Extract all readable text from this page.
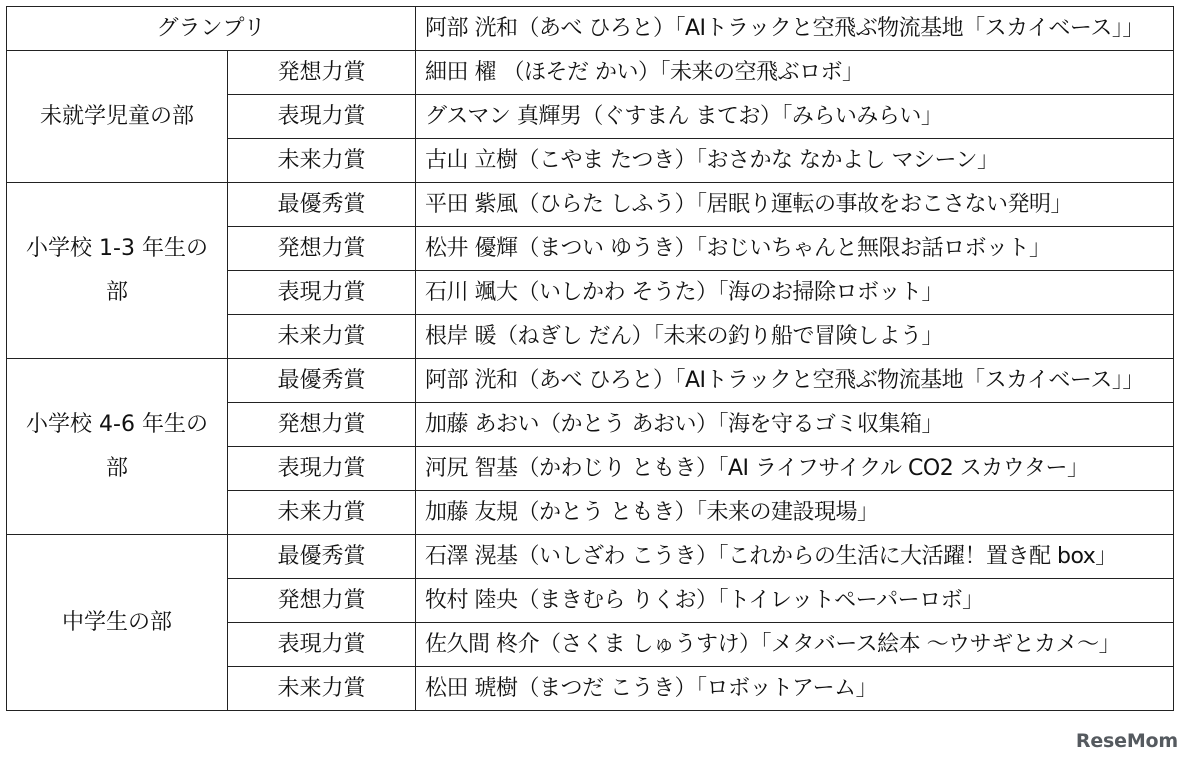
グランプリ		阿部 洸和（あべ ひろと）「AIトラックと空飛ぶ物流基地「スカイベース」」
未就学児童の部	発想力賞	細田 櫂 （ほそだ かい）「未来の空飛ぶロボ」
	表現力賞	グスマン 真輝男（ぐすまん まてお）「みらいみらい」
	未来力賞	古山 立樹（こやま たつき）「おさかな なかよし マシーン」
小学校 1-3 年生の部	最優秀賞	平田 紫風（ひらた しふう）「居眠り運転の事故をおこさない発明」
	発想力賞	松井 優輝（まつい ゆうき）「おじいちゃんと無限お話ロボット」
	表現力賞	石川 颯大（いしかわ そうた）「海のお掃除ロボット」
	未来力賞	根岸 暖（ねぎし だん）「未来の釣り船で冒険しよう」
小学校 4-6 年生の部	最優秀賞	阿部 洸和（あべ ひろと）「AIトラックと空飛ぶ物流基地「スカイベース」」
	発想力賞	加藤 あおい（かとう あおい）「海を守るゴミ収集箱」
	表現力賞	河尻 智基（かわじり ともき）「AI ライフサイクル CO2 スカウター」
	未来力賞	加藤 友規（かとう ともき）「未来の建設現場」
中学生の部	最優秀賞	石澤 滉基（いしざわ こうき）「これからの生活に大活躍！置き配 box」
	発想力賞	牧村 陸央（まきむら りくお）「トイレットペーパーロボ」
	表現力賞	佐久間 柊介（さくま しゅうすけ）「メタバース絵本 ～ウサギとカメ～」
	未来力賞	松田 琥樹（まつだ こうき）「ロボットアーム」
ReseMom
